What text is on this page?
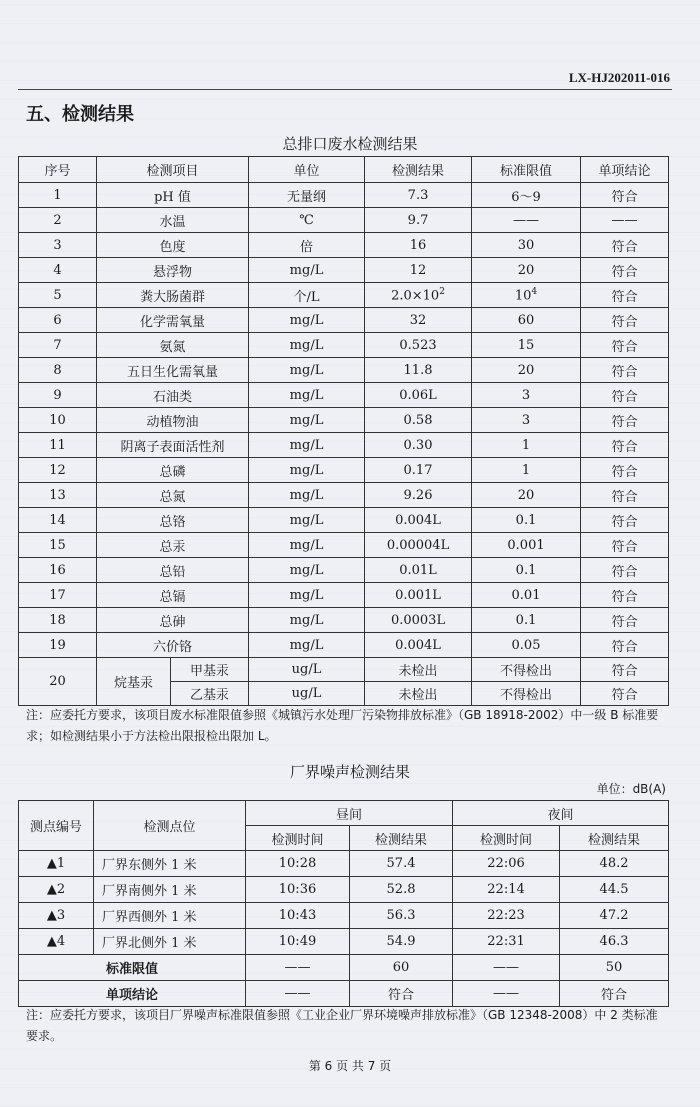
LX-HJ202011-016
五、检测结果
总排口废水检测结果
序号	检测项目		单位	检测结果	标准限值	单项结论
1	pH 值		无量纲	7.3	6～9	符合
2	水温		℃	9.7	——	——
3	色度		倍	16	30	符合
4	悬浮物		mg/L	12	20	符合
5	粪大肠菌群		个/L	$2.0\times 10^2$	$10^4$	符合
6	化学需氧量		mg/L	32	60	符合
7	氨氮		mg/L	0.523	15	符合
8	五日生化需氧量		mg/L	11.8	20	符合
9	石油类		mg/L	0.06L	3	符合
10	动植物油		mg/L	0.58	3	符合
11	阴离子表面活性剂		mg/L	0.30	1	符合
12	总磷		mg/L	0.17	1	符合
13	总氮		mg/L	9.26	20	符合
14	总铬		mg/L	0.004L	0.1	符合
15	总汞		mg/L	0.00004L	0.001	符合
16	总铅		mg/L	0.01L	0.1	符合
17	总镉		mg/L	0.001L	0.01	符合
18	总砷		mg/L	0.0003L	0.1	符合
19	六价铬		mg/L	0.004L	0.05	符合
20	烷基汞	甲基汞	ug/L	未检出	不得检出	符合
		乙基汞	ug/L	未检出	不得检出	符合
注：应委托方要求，该项目废水标准限值参照《城镇污水处理厂污染物排放标准》（GB 18918-2002）中一级 B 标准要求；如检测结果小于方法检出限报检出限加 L。
厂界噪声检测结果
单位：dB(A)
测点编号	检测点位	昼间		夜间	
		检测时间	检测结果	检测时间	检测结果
▲1	厂界东侧外 1 米	10:28	57.4	22:06	48.2
▲2	厂界南侧外 1 米	10:36	52.8	22:14	44.5
▲3	厂界西侧外 1 米	10:43	56.3	22:23	47.2
▲4	厂界北侧外 1 米	10:49	54.9	22:31	46.3
标准限值		——	60	——	50
单项结论		——	符合	——	符合
注：应委托方要求，该项目厂界噪声标准限值参照《工业企业厂界环境噪声排放标准》（GB 12348-2008）中 2 类标准要求。
第 6 页 共 7 页
